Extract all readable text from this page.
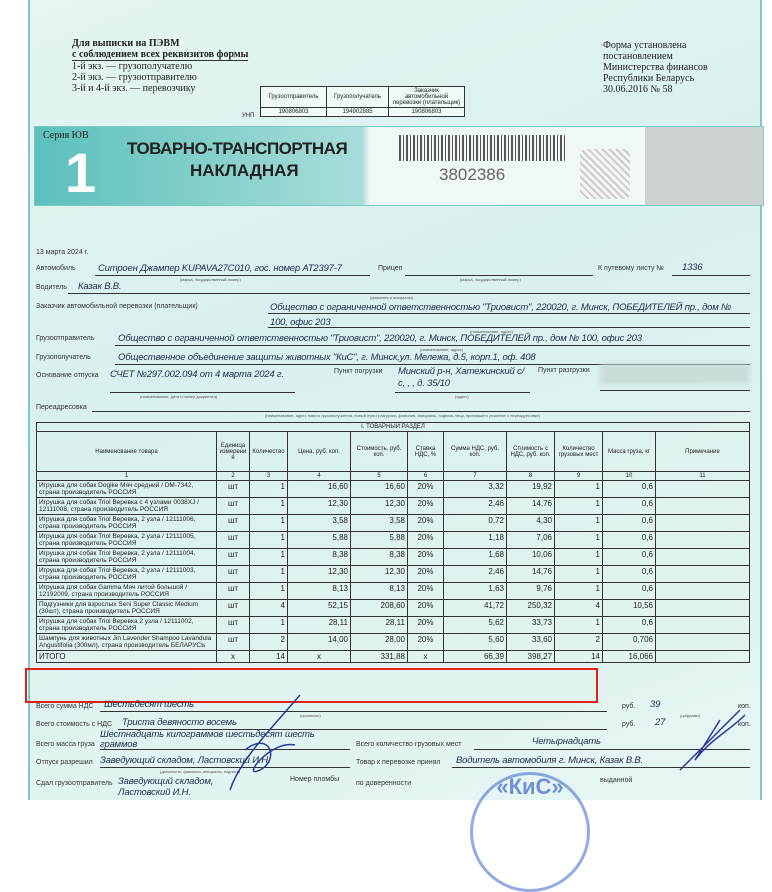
Для выписки на ПЭВМ
с соблюдением всех реквизитов формы
1-й экз. — грузополучателю
2-й экз. — грузоотправителю
3-й и 4-й экз. — перевозчику
Форма установлена
постановлением
Министерства финансов
Республики Беларусь
30.06.2016 № 58
УНП
Грузоотправитель	Грузополучатель	Заказчик автомобильной перевозки (плательщик)
190806803	194902885	190806803
Серия ЮВ
1 ТОВАРНО-ТРАНСПОРТНАЯ
НАКЛАДНАЯ	3802386
13 марта 2024 г.
Автомобиль Ситроен Джампер KUPAVA27C010, гос. номер AT2397-7
(марка, государственный номер)
Прицеп
(марка, государственный номер)
К путевому листу № 1336
Водитель Казак В.В.
(фамилия и инициалы)
Заказчик автомобильной перевозки (плательщик)	Общество с ограниченной ответственностью "Триовист", 220020, г. Минск, ПОБЕДИТЕЛЕЙ пр., дом № 100, офис 203
(наименование, адрес)
Грузоотправитель Общество с ограниченной ответственностью "Триовист", 220020, г. Минск, ПОБЕДИТЕЛЕЙ пр., дом № 100, офис 203
(наименование, адрес)
Грузополучатель	Общественное объединение защиты животных "КиС", г. Минск,ул. Мележа, д.5, корп.1, оф. 408
Основание отпуска СЧЕТ №297.002.094 от 4 марта 2024 г.
(наименование, дата и номер документа)
Пункт погрузки Минский р-н, Хатежинский с/с, , , д. 35/10
(адрес)
Пункт разгрузки
Переадресовка
(наименование, адрес нового грузополучателя, новый пункт разгрузки, фамилия, инициалы, подпись лица, принявшего решение о переадресовке)
I. ТОВАРНЫЙ РАЗДЕЛ										
Наименование товара	Единица измерения	Количество	Цена, руб. коп.	Стоимость, руб. коп.	Ставка НДС, %	Сумма НДС, руб. коп.	Стоимость с НДС, руб. коп.	Количество грузовых мест	Масса груза, кг	Примечание
1	2	3	4	5	6	7	8	9	10	11
Игрушка для собак Dogike Мяч средний / DM-7342, страна производитель РОССИЯ	шт	1	16,60	16,60	20%	3,32	19,92	1	0,6	
Игрушка для собак Triol Веревка с 4 узлами 0038XJ / 12111008, страна производитель РОССИЯ	шт	1	12,30	12,30	20%	2,46	14,76	1	0,6	
Игрушка для собак Triol Веревка, 2 узла / 12111006, страна производитель РОССИЯ	шт	1	3,58	3,58	20%	0,72	4,30	1	0,6	
Игрушка для собак Triol Веревка, 2 узла / 12111005, страна производитель РОССИЯ	шт	1	5,88	5,88	20%	1,18	7,06	1	0,6	
Игрушка для собак Triol Веревка, 2 узла / 12111004, страна производитель РОССИЯ	шт	1	8,38	8,38	20%	1,68	10,06	1	0,6	
Игрушка для собак Triol Веревка, 2 узла / 12111003, страна производитель РОССИЯ	шт	1	12,30	12,30	20%	2,46	14,76	1	0,6	
Игрушка для собак Gamma Мяч литой большой / 12192009, страна производитель РОССИЯ	шт	1	8,13	8,13	20%	1,63	9,76	1	0,6	
Подгузники для взрослых Seni Super Classic Medium (30шт), страна производитель РОССИЯ	шт	4	52,15	208,60	20%	41,72	250,32	4	10,56	
Игрушка для собак Triol Веревка 2 узла / 12111002, страна производитель РОССИЯ	шт	1	28,11	28,11	20%	5,62	33,73	1	0,6	
Шампунь для животных Jin Lavender Shampoo Lavandula Angustifolia (300мл), страна производитель БЕЛАРУСЬ	шт	2	14,00	28,00	20%	5,60	33,60	2	0,706	
ИТОГО	x	14	x	331,88	x	66,39	398,27	14	16,066	
Всего сумма НДС Шестьдесят шесть	руб. 39	коп.
(прописью)	(цифрами)
Всего стоимость с НДС Триста девяносто восемь	руб. 27	коп.
Всего масса груза
Шестнадцать килограммов шестьдесят шесть граммов	Всего количество грузовых мест	Четырнадцать
Отпуск разрешил Заведующий складом, Ластовский И.Н.
(должность, фамилия, инициалы, подпись)
Товар к перевозке принял Водитель автомобиля г. Минск, Казак В.В.
Сдал грузоотправитель Заведующий складом, Ластовский И.Н.
Номер пломбы
по доверенности	выданной
«КиС»
